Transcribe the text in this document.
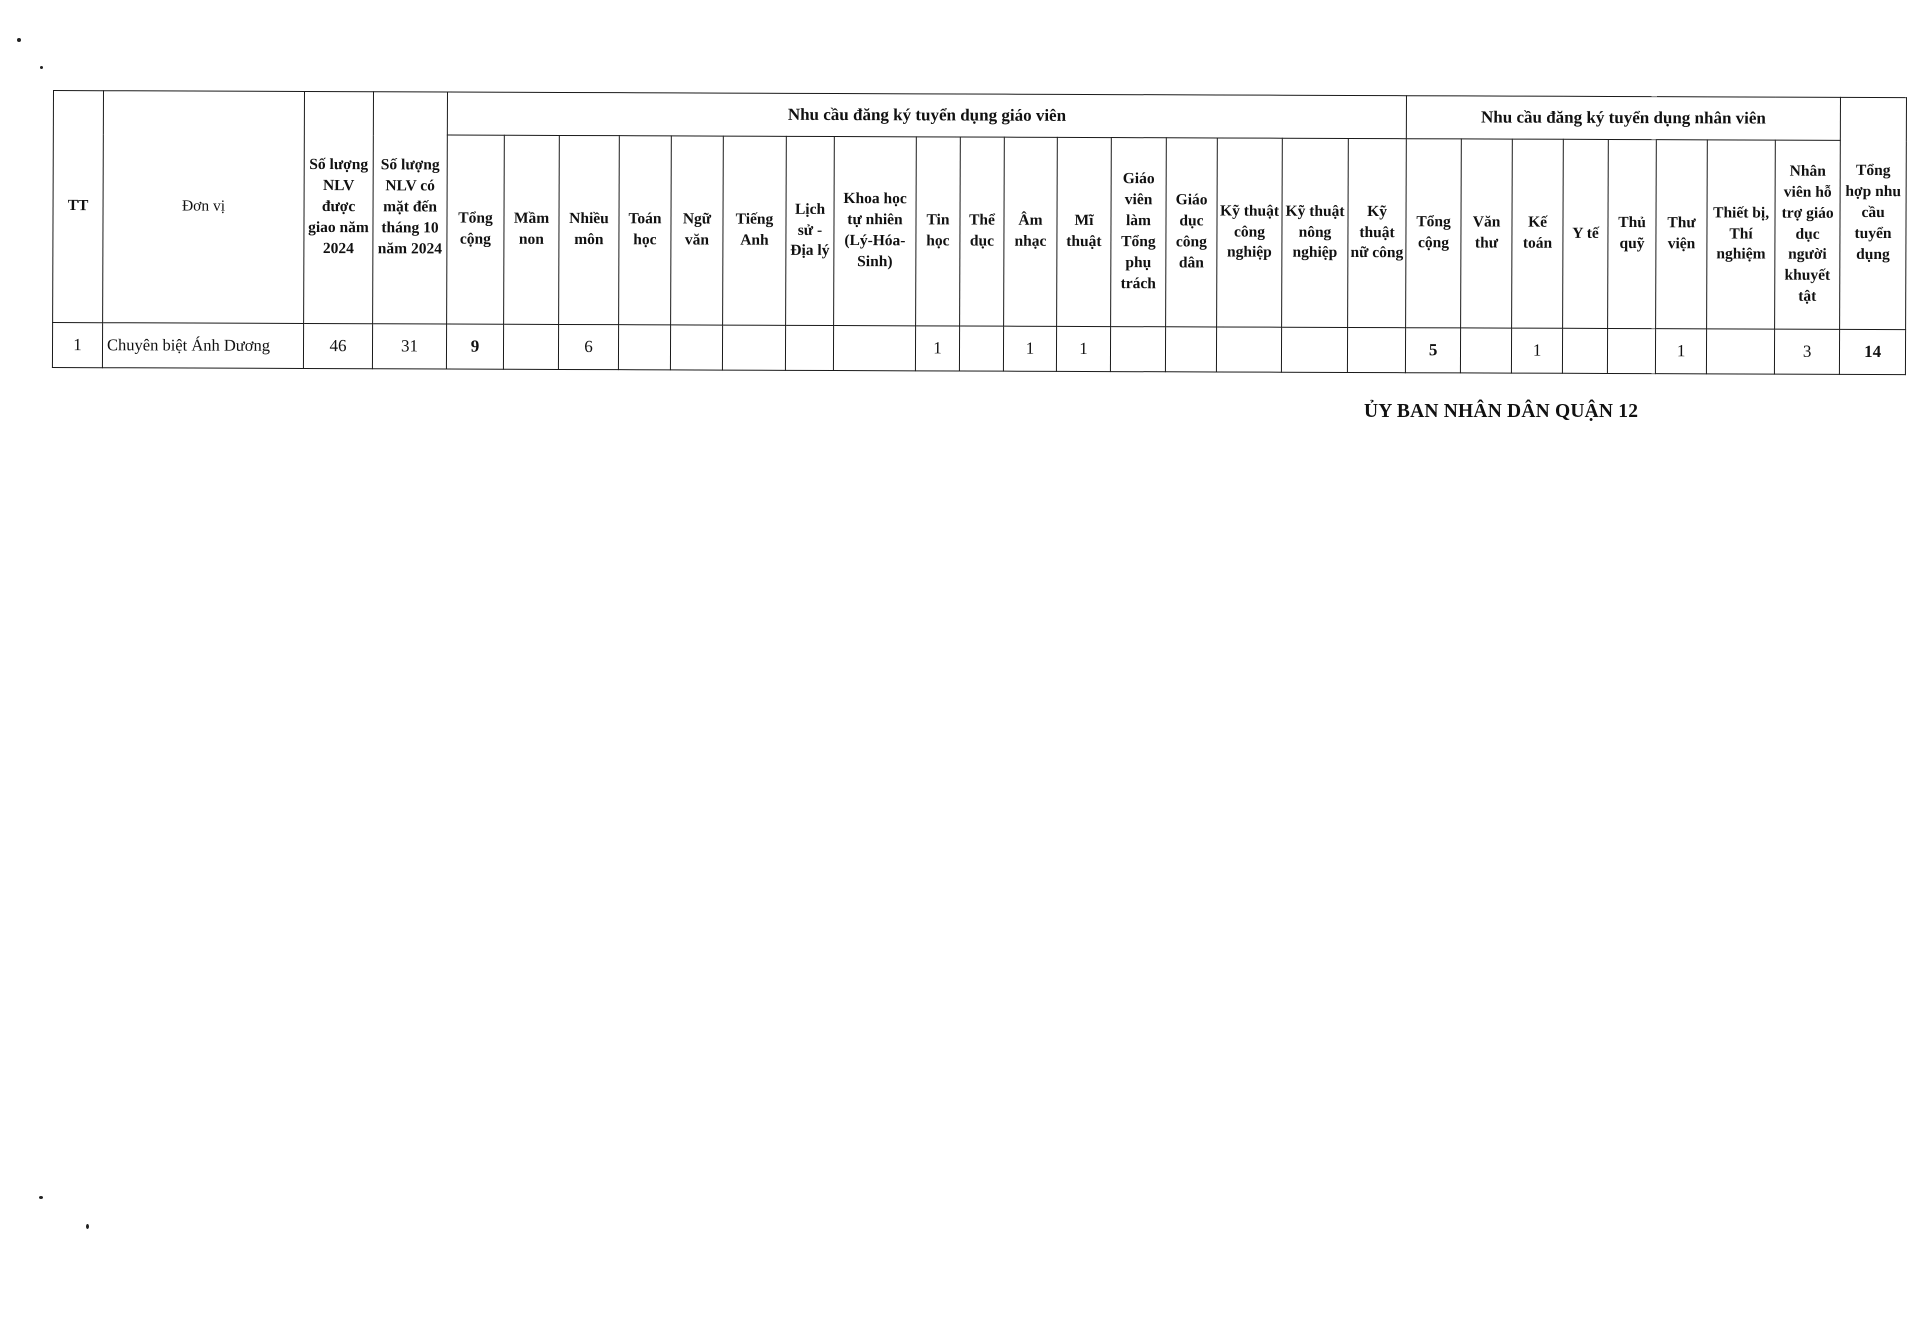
TT	Đơn vị	Số lượng NLV được giao năm 2024	Số lượng NLV có mặt đến tháng 10 năm 2024	Nhu cầu đăng ký tuyển dụng giáo viên																	Nhu cầu đăng ký tuyển dụng nhân viên								Tổng hợp nhu cầu tuyển dụng
				Tổng cộng	Mầm non	Nhiều môn	Toán học	Ngữ văn	Tiếng Anh	Lịch sử - Địa lý	Khoa học tự nhiên (Lý-Hóa-Sinh)	Tin học	Thể dục	Âm nhạc	Mĩ thuật	Giáo viên làm Tổng phụ trách	Giáo dục công dân	Kỹ thuật công nghiệp	Kỹ thuật nông nghiệp	Kỹ thuật nữ công	Tổng cộng	Văn thư	Kế toán	Y tế	Thủ quỹ	Thư viện	Thiết bị, Thí nghiệm	Nhân viên hỗ trợ giáo dục người khuyết tật	
1	Chuyên biệt Ánh Dương	46	31	9		6						1		1	1						5		1			1		3	14
ỦY BAN NHÂN DÂN QUẬN 12
